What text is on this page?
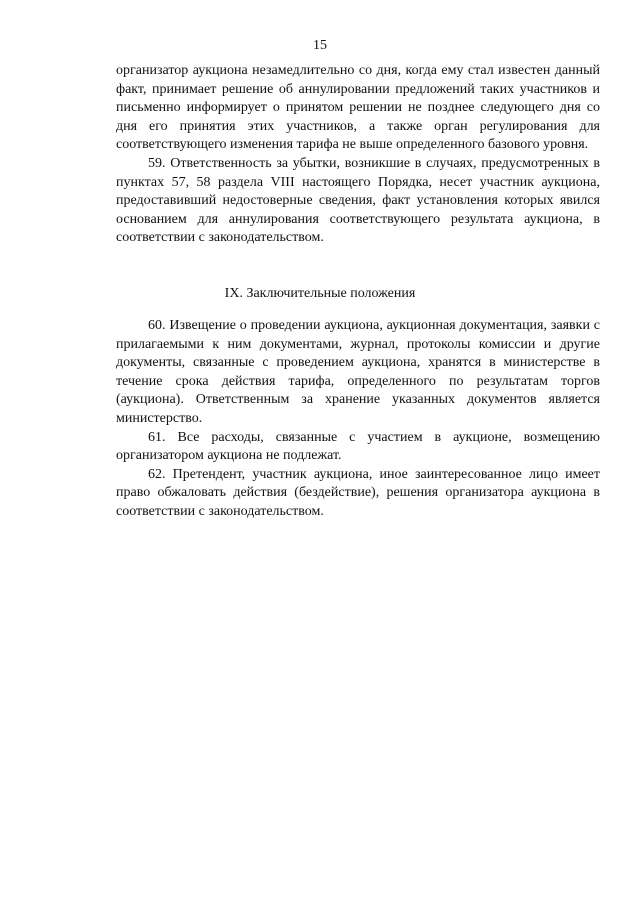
15

организатор аукциона незамедлительно со дня, когда ему стал известен данный факт, принимает решение об аннулировании предложений таких участников и письменно информирует о принятом решении не позднее следующего дня со дня его принятия этих участников, а также орган регулирования для соответствующего изменения тарифа не выше определенного базового уровня.

59. Ответственность за убытки, возникшие в случаях, предусмотренных в пунктах 57, 58 раздела VIII настоящего Порядка, несет участник аукциона, предоставивший недостоверные сведения, факт установления которых явился основанием для аннулирования соответствующего результата аукциона, в соответствии с законодательством.

IX. Заключительные положения

60. Извещение о проведении аукциона, аукционная документация, заявки с прилагаемыми к ним документами, журнал, протоколы комиссии и другие документы, связанные с проведением аукциона, хранятся в министерстве в течение срока действия тарифа, определенного по результатам торгов (аукциона). Ответственным за хранение указанных документов является министерство.

61. Все расходы, связанные с участием в аукционе, возмещению организатором аукциона не подлежат.

62. Претендент, участник аукциона, иное заинтересованное лицо имеет право обжаловать действия (бездействие), решения организатора аукциона в соответствии с законодательством.
